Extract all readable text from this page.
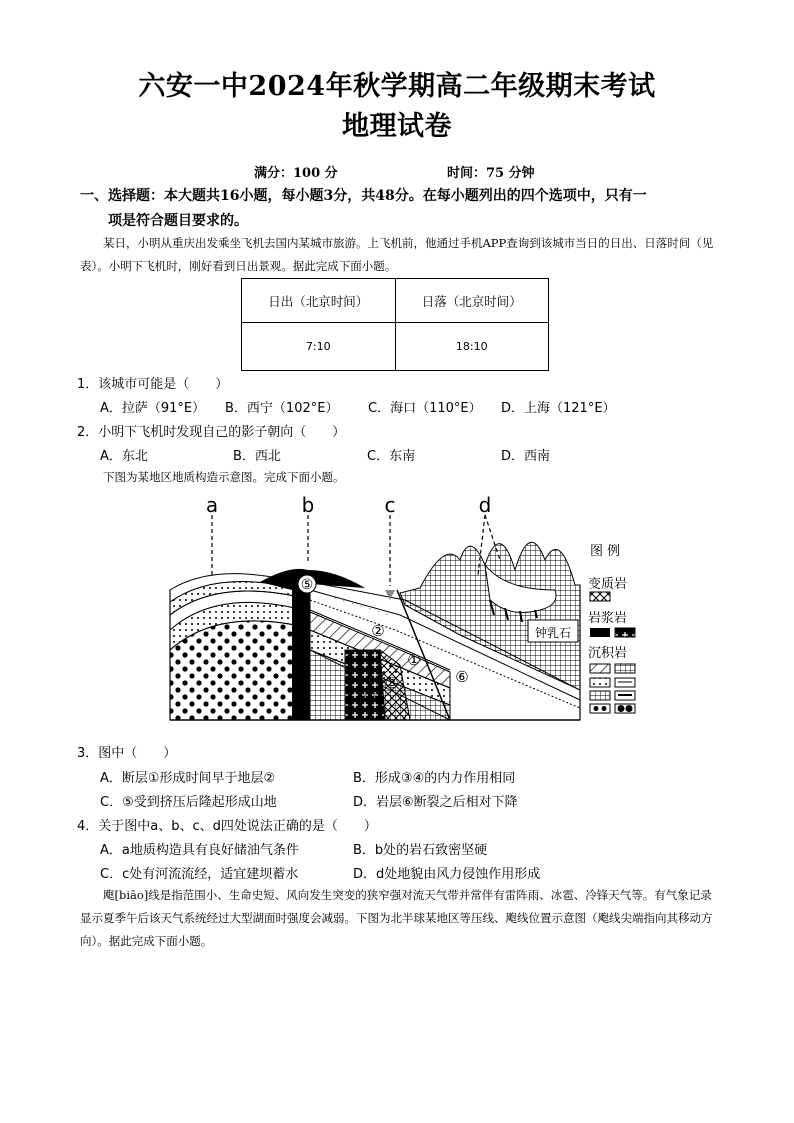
六安一中2024年秋学期高二年级期末考试
地理试卷
满分：100 分	时间：75 分钟
一、选择题：本大题共16小题，每小题3分，共48分。在每小题列出的四个选项中，只有一
项是符合题目要求的。
某日，小明从重庆出发乘坐飞机去国内某城市旅游。上飞机前，他通过手机APP查询到该城市当日的日出、日落时间（见表）。小明下飞机时，刚好看到日出景观。据此完成下面小题。
日出（北京时间）	日落（北京时间）
7:10	18:10
1．该城市可能是（　　）
A．拉萨（91°E） B．西宁（102°E） C．海口（110°E） D．上海（121°E）
2．小明下飞机时发现自己的影子朝向（　　）
A．东北	B．西北	C．东南	D．西南
下图为某地区地质构造示意图。完成下面小题。
a	b	c	d
钟乳石
⑤
①
②
③
④
⑥
图 例
变质岩
岩浆岩
沉积岩
3．图中（　　）
A．断层①形成时间早于地层②	B．形成③④的内力作用相同
C．⑤受到挤压后隆起形成山地	D．岩层⑥断裂之后相对下降
4．关于图中a、b、c、d四处说法正确的是（　　）
A．a地质构造具有良好储油气条件	B．b处的岩石致密坚硬
C．c处有河流流经，适宜建坝蓄水	D．d处地貌由风力侵蚀作用形成
飑[biāo]线是指范围小、生命史短、风向发生突变的狭窄强对流天气带并常伴有雷阵雨、冰雹、冷锋天气等。有气象记录显示夏季午后该天气系统经过大型湖面时强度会减弱。下图为北半球某地区等压线、飑线位置示意图（飑线尖端指向其移动方向）。据此完成下面小题。
